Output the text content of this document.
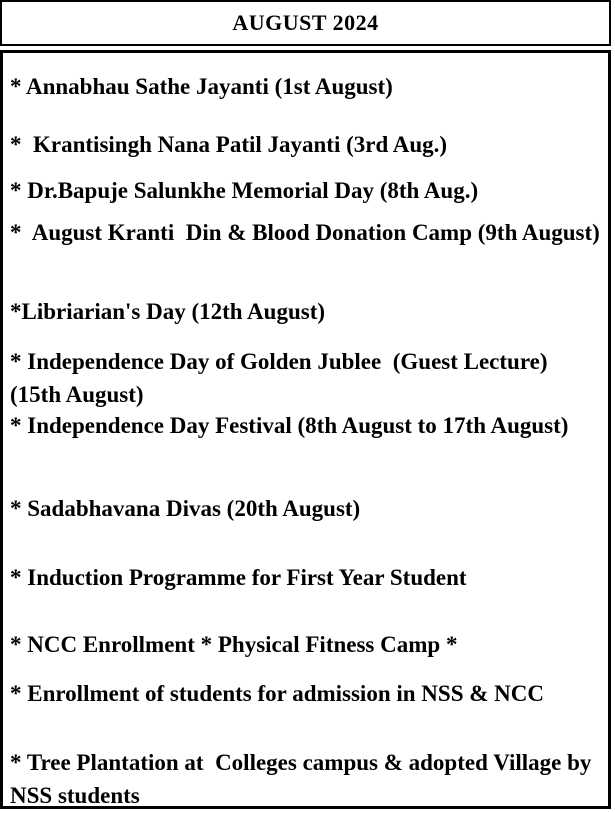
AUGUST 2024

* Annabhau Sathe Jayanti (1st August)

*  Krantisingh Nana Patil Jayanti (3rd Aug.)

* Dr.Bapuje Salunkhe Memorial Day (8th Aug.)

*  August Kranti  Din & Blood Donation Camp (9th August)

*Libriarian's Day (12th August)

* Independence Day of Golden Jublee  (Guest Lecture)  (15th August)

* Independence Day Festival (8th August to 17th August)

* Sadabhavana Divas (20th August)

* Induction Programme for First Year Student

* NCC Enrollment * Physical Fitness Camp *

* Enrollment of students for admission in NSS & NCC

* Tree Plantation at  Colleges campus & adopted Village by NSS students
